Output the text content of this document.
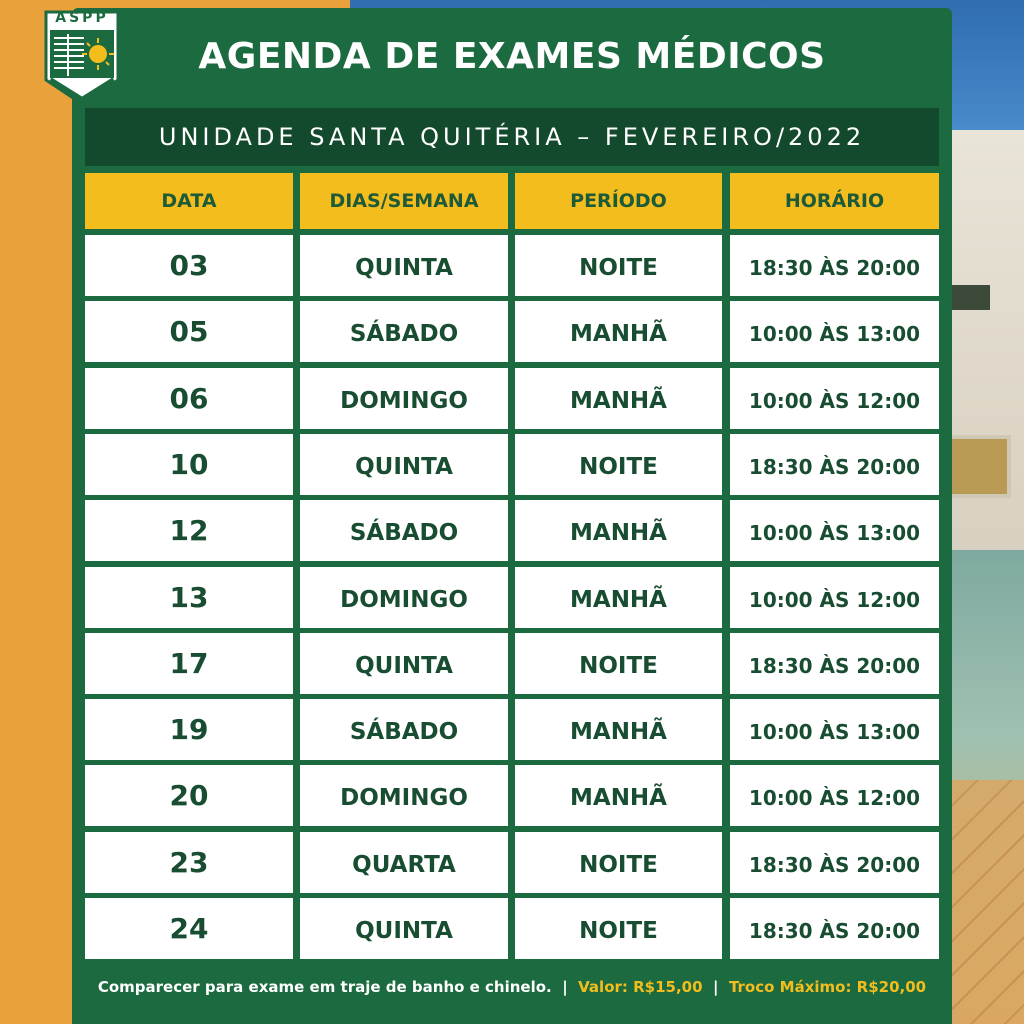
ASPP
AGENDA DE EXAMES MÉDICOS
UNIDADE SANTA QUITÉRIA – FEVEREIRO/2022
DATA	DIAS/SEMANA	PERÍODO	HORÁRIO
03	QUINTA	NOITE	18:30 ÀS 20:00
05	SÁBADO	MANHÃ	10:00 ÀS 13:00
06	DOMINGO	MANHÃ	10:00 ÀS 12:00
10	QUINTA	NOITE	18:30 ÀS 20:00
12	SÁBADO	MANHÃ	10:00 ÀS 13:00
13	DOMINGO	MANHÃ	10:00 ÀS 12:00
17	QUINTA	NOITE	18:30 ÀS 20:00
19	SÁBADO	MANHÃ	10:00 ÀS 13:00
20	DOMINGO	MANHÃ	10:00 ÀS 12:00
23	QUARTA	NOITE	18:30 ÀS 20:00
24	QUINTA	NOITE	18:30 ÀS 20:00
Comparecer para exame em traje de banho e chinelo. | Valor: R$15,00 | Troco Máximo: R$20,00
